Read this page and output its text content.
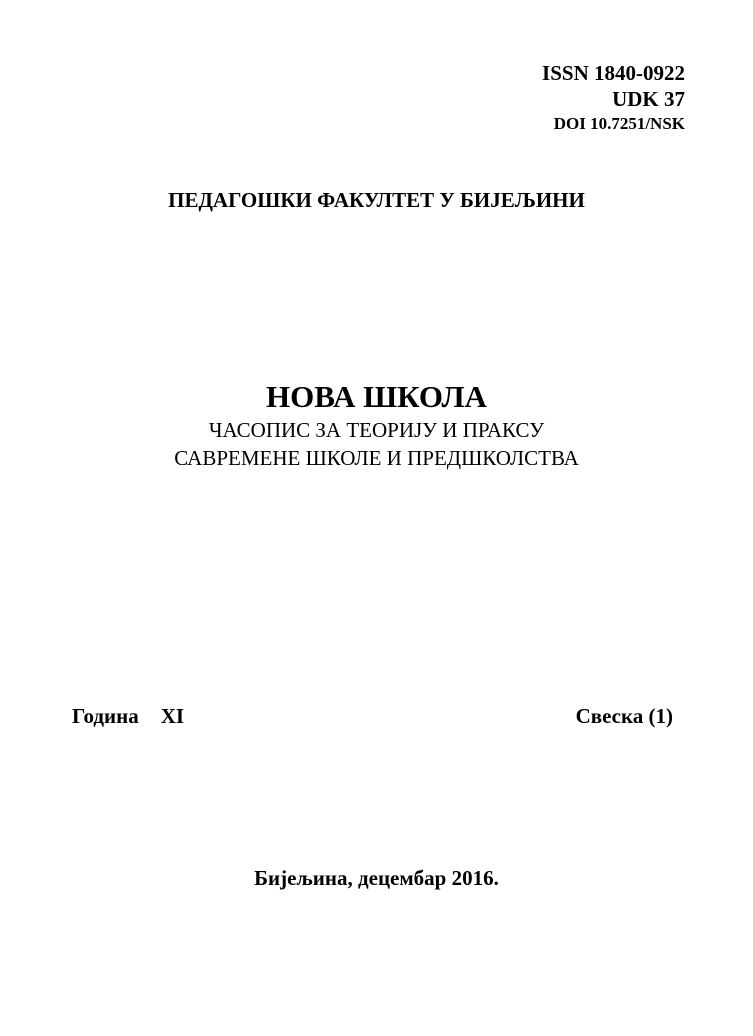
ISSN 1840-0922
UDK 37
DOI 10.7251/NSK
ПЕДАГОШКИ ФАКУЛТЕТ У БИЈЕЉИНИ
НОВА ШКОЛА
ЧАСОПИС ЗА ТЕОРИЈУ И ПРАКСУ
САВРЕМЕНЕ ШКОЛЕ И ПРЕДШКОЛСТВА
Година XI	Свеска (1)
Бијељина, децембар 2016.
